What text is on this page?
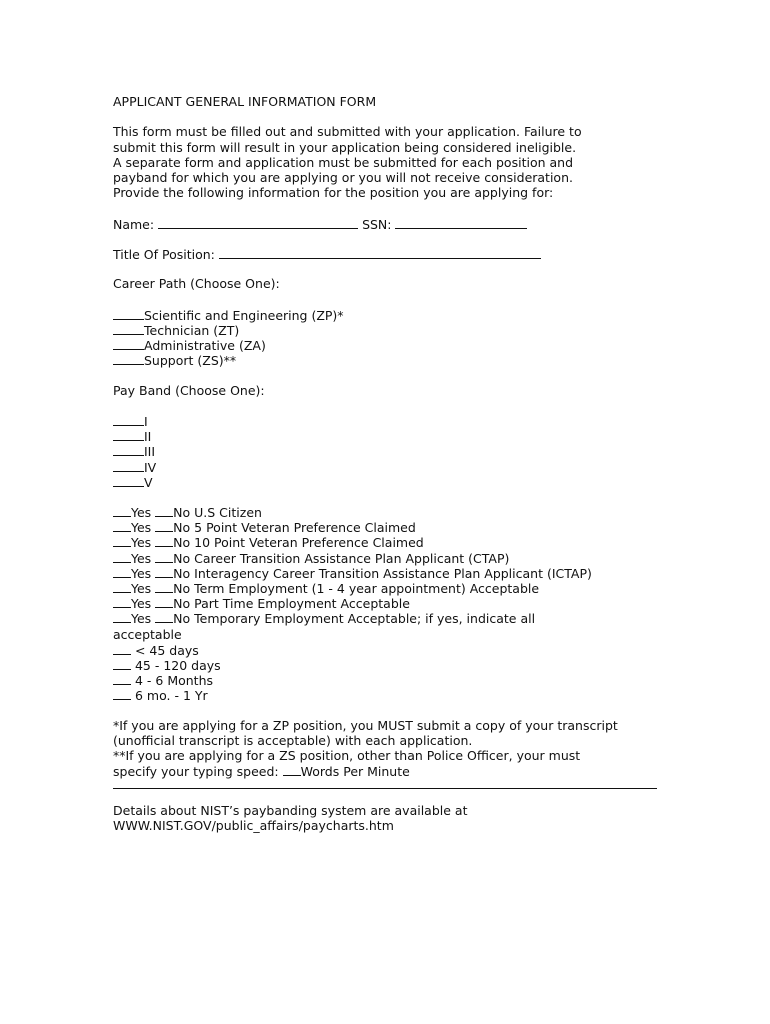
APPLICANT GENERAL INFORMATION FORM
This form must be filled out and submitted with your application. Failure to
submit this form will result in your application being considered ineligible.
A separate form and application must be submitted for each position and
payband for which you are applying or you will not receive consideration.
Provide the following information for the position you are applying for:
Name:	SSN:
Title Of Position:
Career Path (Choose One):
Scientific and Engineering (ZP)*
Technician (ZT)
Administrative (ZA)
Support (ZS)**
Pay Band (Choose One):
I
II
III
IV
V
Yes No U.S Citizen
Yes No 5 Point Veteran Preference Claimed
Yes No 10 Point Veteran Preference Claimed
Yes No Career Transition Assistance Plan Applicant (CTAP)
Yes No Interagency Career Transition Assistance Plan Applicant (ICTAP)
Yes No Term Employment (1 - 4 year appointment) Acceptable
Yes No Part Time Employment Acceptable
Yes No Temporary Employment Acceptable; if yes, indicate all acceptable
< 45 days
45 - 120 days
4 - 6 Months
6 mo. - 1 Yr
*If you are applying for a ZP position, you MUST submit a copy of your transcript (unofficial transcript is acceptable) with each application.
**If you are applying for a ZS position, other than Police Officer, your must specify your typing speed: Words Per Minute
Details about NIST’s paybanding system are available at
WWW.NIST.GOV/public_affairs/paycharts.htm
